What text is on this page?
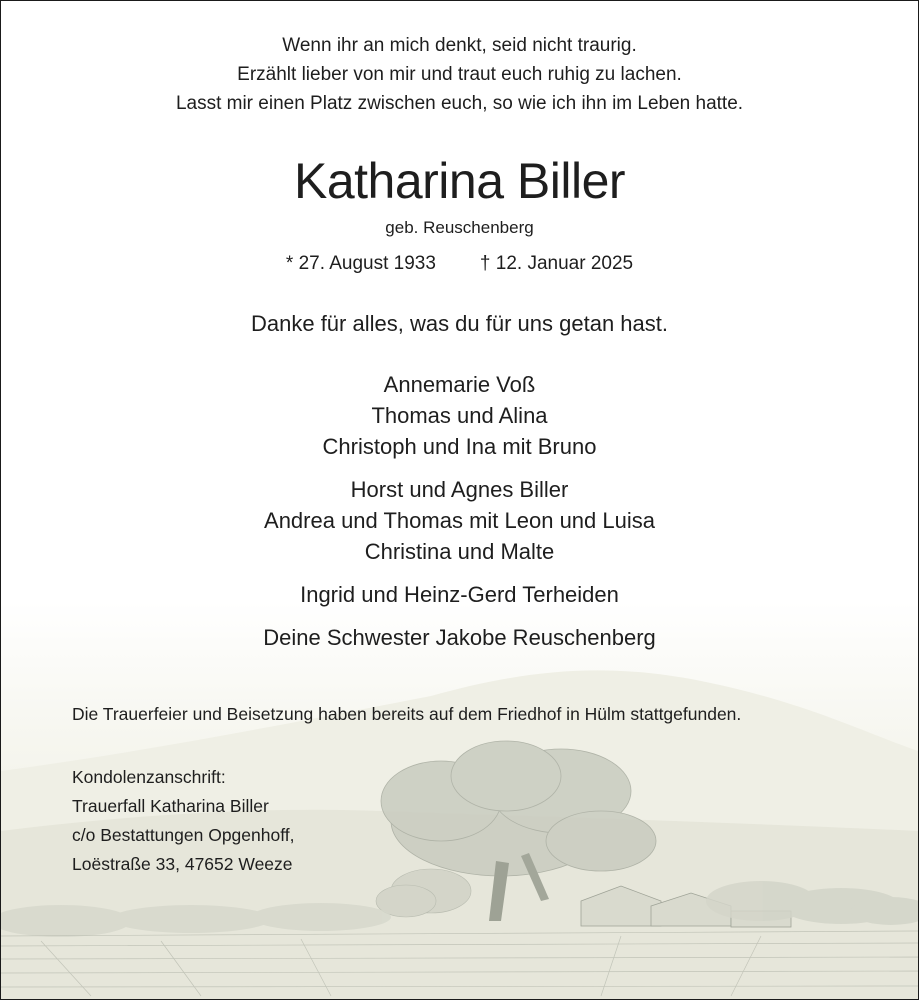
Wenn ihr an mich denkt, seid nicht traurig.
Erzählt lieber von mir und traut euch ruhig zu lachen.
Lasst mir einen Platz zwischen euch, so wie ich ihn im Leben hatte.
Katharina Biller
geb. Reuschenberg
* 27. August 1933 † 12. Januar 2025
Danke für alles, was du für uns getan hast.
Annemarie Voß
Thomas und Alina
Christoph und Ina mit Bruno
Horst und Agnes Biller
Andrea und Thomas mit Leon und Luisa
Christina und Malte
Ingrid und Heinz-Gerd Terheiden
Deine Schwester Jakobe Reuschenberg
Die Trauerfeier und Beisetzung haben bereits auf dem Friedhof in Hülm stattgefunden.
Kondolenzanschrift:
Trauerfall Katharina Biller
c/o Bestattungen Opgenhoff,
Loëstraße 33, 47652 Weeze
